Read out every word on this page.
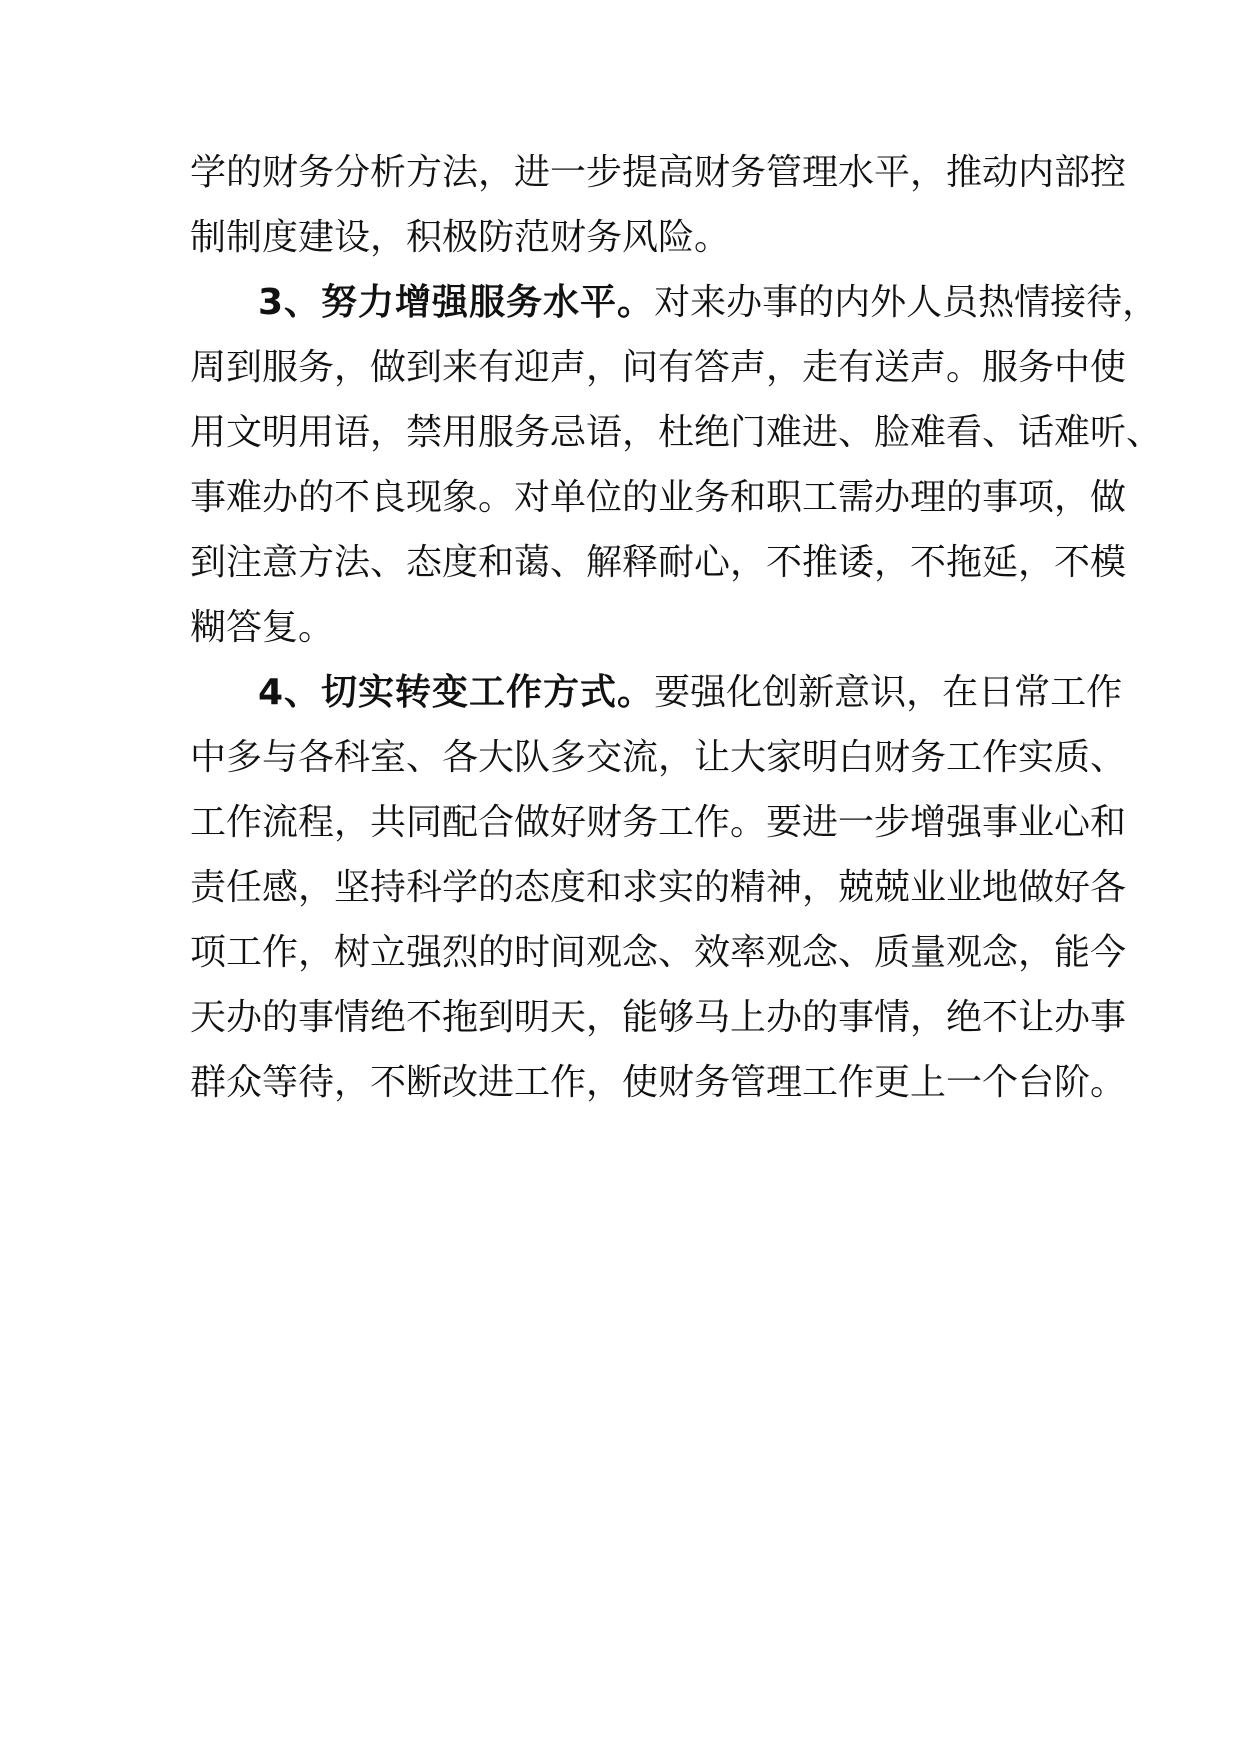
学的财务分析方法，进一步提高财务管理水平，推动内部控
制制度建设，积极防范财务风险。
3、努力增强服务水平。对来办事的内外人员热情接待，
周到服务，做到来有迎声，问有答声，走有送声。服务中使
用文明用语，禁用服务忌语，杜绝门难进、脸难看、话难听、
事难办的不良现象。对单位的业务和职工需办理的事项，做
到注意方法、态度和蔼、解释耐心，不推诿，不拖延，不模
糊答复。
4、切实转变工作方式。要强化创新意识，在日常工作
中多与各科室、各大队多交流，让大家明白财务工作实质、
工作流程，共同配合做好财务工作。要进一步增强事业心和
责任感，坚持科学的态度和求实的精神，兢兢业业地做好各
项工作，树立强烈的时间观念、效率观念、质量观念，能今
天办的事情绝不拖到明天，能够马上办的事情，绝不让办事
群众等待，不断改进工作，使财务管理工作更上一个台阶。
